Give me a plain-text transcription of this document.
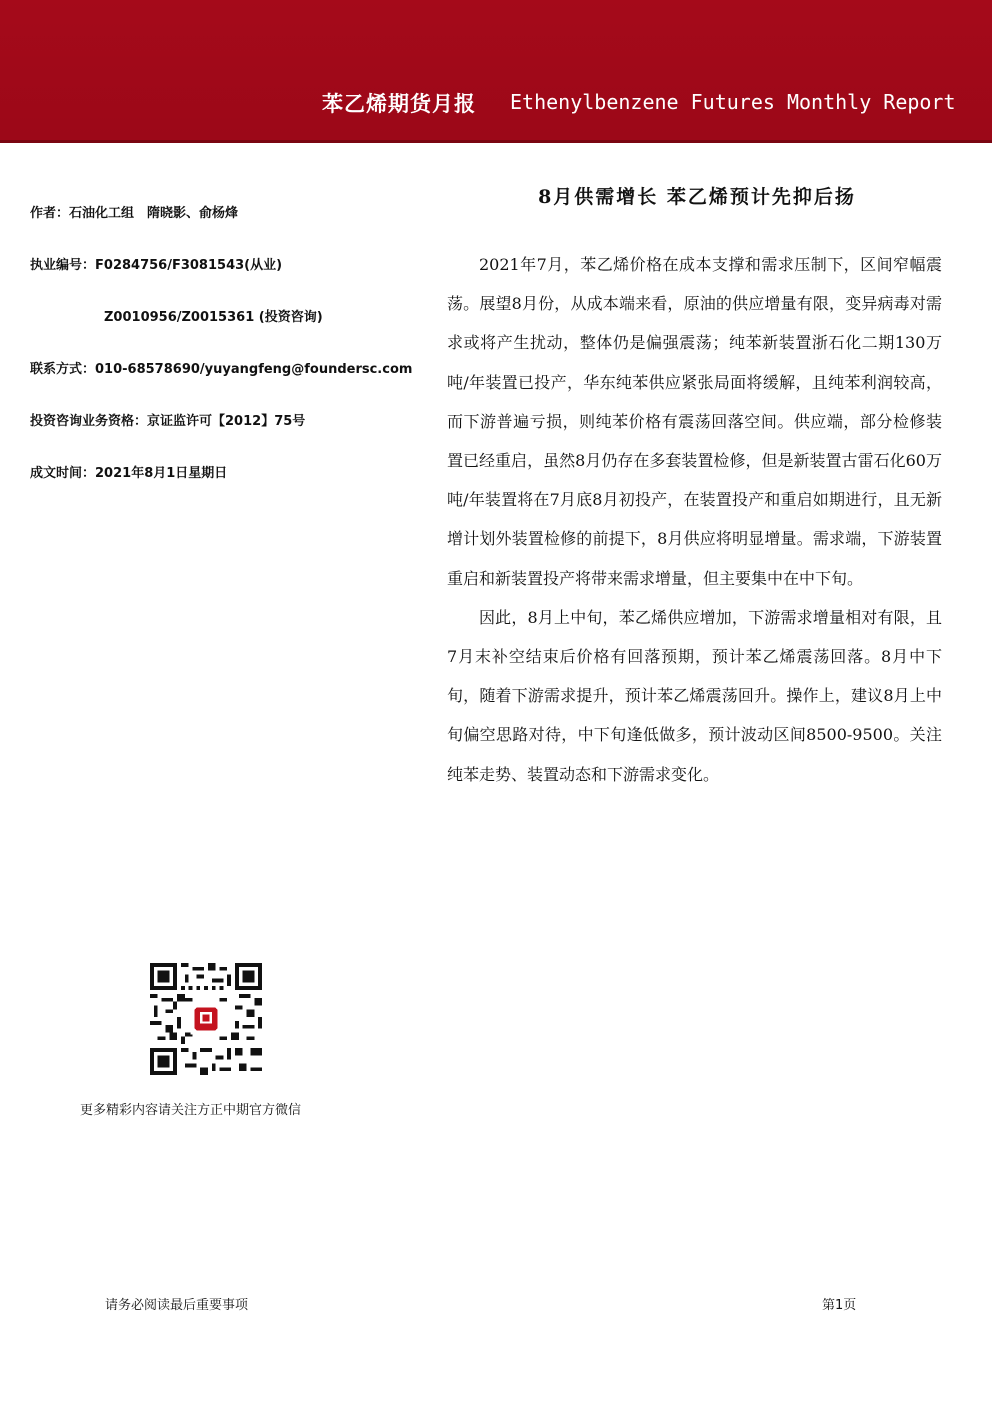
苯乙烯期货月报 Ethenylbenzene Futures Monthly Report
作者：石油化工组　隋晓影、俞杨烽
执业编号：F0284756/F3081543(从业)
Z0010956/Z0015361 (投资咨询)
联系方式：010-68578690/yuyangfeng@foundersc.com
投资咨询业务资格：京证监许可【2012】75号
成文时间：2021年8月1日星期日
8月供需增长 苯乙烯预计先抑后扬

2021年7月，苯乙烯价格在成本支撑和需求压制下，区间窄幅震荡。展望8月份，从成本端来看，原油的供应增量有限，变异病毒对需求或将产生扰动，整体仍是偏强震荡；纯苯新装置浙石化二期130万吨/年装置已投产，华东纯苯供应紧张局面将缓解，且纯苯利润较高，而下游普遍亏损，则纯苯价格有震荡回落空间。供应端，部分检修装置已经重启，虽然8月仍存在多套装置检修，但是新装置古雷石化60万吨/年装置将在7月底8月初投产，在装置投产和重启如期进行，且无新增计划外装置检修的前提下，8月供应将明显增量。需求端，下游装置重启和新装置投产将带来需求增量，但主要集中在中下旬。

因此，8月上中旬，苯乙烯供应增加，下游需求增量相对有限，且7月末补空结束后价格有回落预期，预计苯乙烯震荡回落。8月中下旬，随着下游需求提升，预计苯乙烯震荡回升。操作上，建议8月上中旬偏空思路对待，中下旬逢低做多，预计波动区间8500-9500。关注纯苯走势、装置动态和下游需求变化。

更多精彩内容请关注方正中期官方微信
请务必阅读最后重要事项	第1页
